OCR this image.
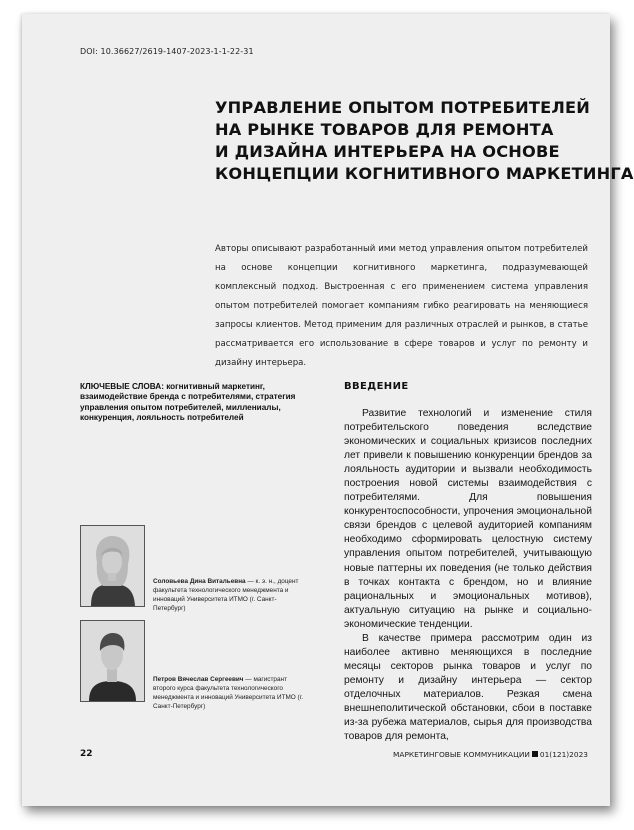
DOI: 10.36627/2619-1407-2023-1-1-22-31
УПРАВЛЕНИЕ ОПЫТОМ ПОТРЕБИТЕЛЕЙ
НА РЫНКЕ ТОВАРОВ ДЛЯ РЕМОНТА
И ДИЗАЙНА ИНТЕРЬЕРА НА ОСНОВЕ
КОНЦЕПЦИИ КОГНИТИВНОГО МАРКЕТИНГА
Авторы описывают разработанный ими метод управления опытом потребителей на основе концепции когнитивного маркетинга, подразумевающей комплексный подход. Выстроенная с его применением система управления опытом потребителей помогает компаниям гибко реагировать на меняющиеся запросы клиентов. Метод применим для различных отраслей и рынков, в статье рассматривается его использование в сфере товаров и услуг по ремонту и дизайну интерьера.
КЛЮЧЕВЫЕ СЛОВА: когнитивный маркетинг, взаимодействие бренда с потребителями, стратегия управления опытом потребителей, миллениалы, конкуренция, лояльность потребителей
ВВЕДЕНИЕ

Развитие технологий и изменение стиля потребительского поведения вследствие экономических и социальных кризисов последних лет привели к повышению конкуренции брендов за лояльность аудитории и вызвали необходимость построения новой системы взаимодействия с потребителями. Для повышения конкурентоспособности, упрочения эмоциональной связи брендов с целевой аудиторией компаниям необходимо сформировать целостную систему управления опытом потребителей, учитывающую новые паттерны их поведения (не только действия в точках контакта с брендом, но и влияние рациональных и эмоциональных мотивов), актуальную ситуацию на рынке и социально-экономические тенденции.

В качестве примера рассмотрим один из наиболее активно меняющихся в последние месяцы секторов рынка товаров и услуг по ремонту и дизайну интерьера — сектор отделочных материалов. Резкая смена внешнеполитической обстановки, сбои в поставке из-за рубежа материалов, сырья для производства товаров для ремонта,

Соловьева Дина Витальевна — к. э. н., доцент факультета технологического менеджмента и инноваций Университета ИТМО (г. Санкт-Петербург)
Петров Вячеслав Сергеевич — магистрант второго курса факультета технологического менеджмента и инноваций Университета ИТМО (г. Санкт-Петербург)
22	МАРКЕТИНГОВЫЕ КОММУНИКАЦИИ 01(121)2023
